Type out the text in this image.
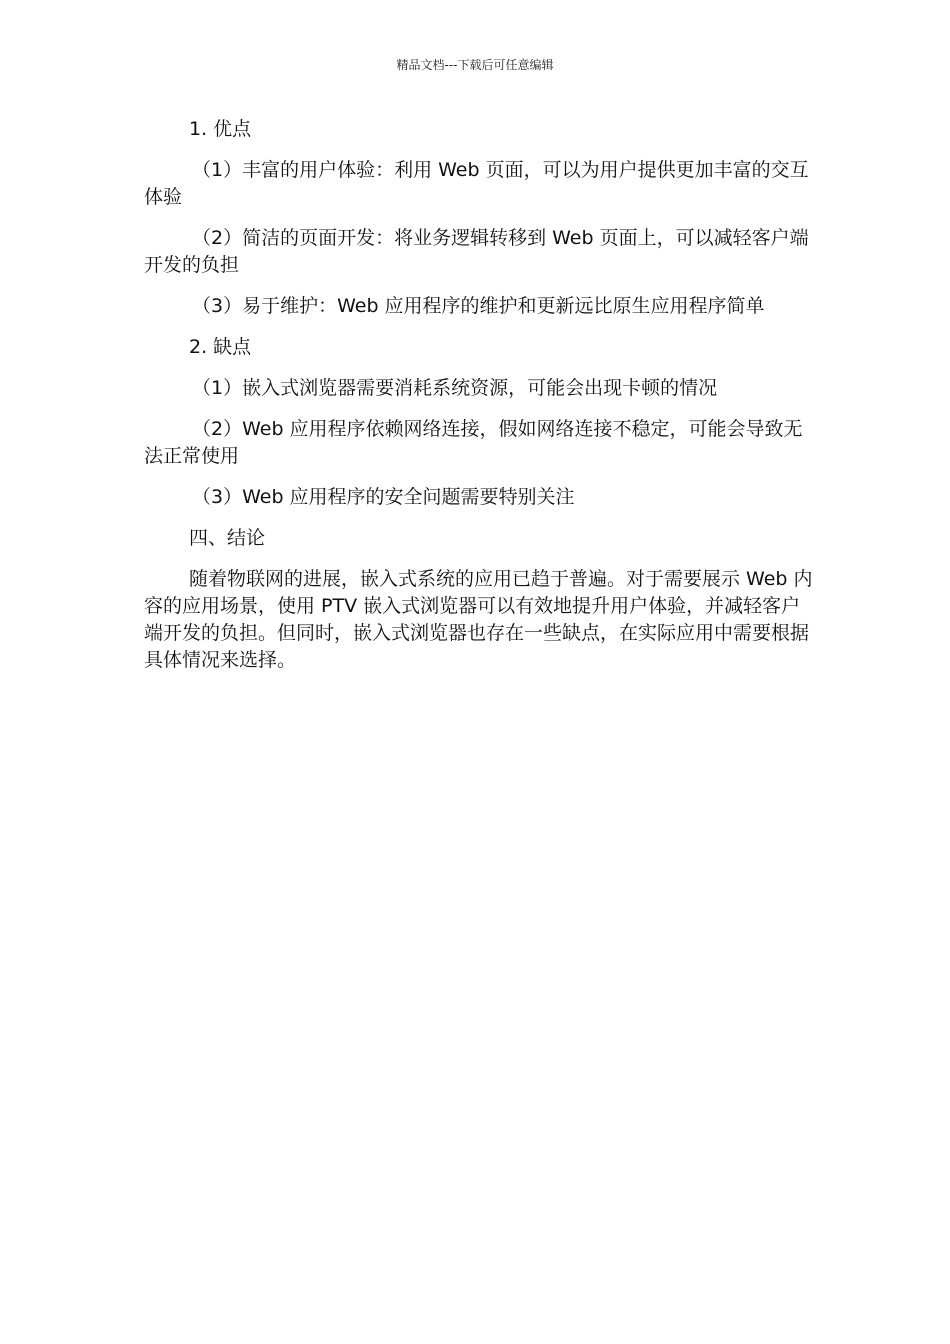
精品文档---下载后可任意编辑

1. 优点

（1）丰富的用户体验：利用 Web 页面，可以为用户提供更加丰富的交互体验

（2）简洁的页面开发：将业务逻辑转移到 Web 页面上，可以减轻客户端开发的负担

（3）易于维护：Web 应用程序的维护和更新远比原生应用程序简单

2. 缺点

（1）嵌入式浏览器需要消耗系统资源，可能会出现卡顿的情况

（2）Web 应用程序依赖网络连接，假如网络连接不稳定，可能会导致无法正常使用

（3）Web 应用程序的安全问题需要特别关注

四、结论

随着物联网的进展，嵌入式系统的应用已趋于普遍。对于需要展示 Web 内容的应用场景，使用 PTV 嵌入式浏览器可以有效地提升用户体验，并减轻客户端开发的负担。但同时，嵌入式浏览器也存在一些缺点，在实际应用中需要根据具体情况来选择。
